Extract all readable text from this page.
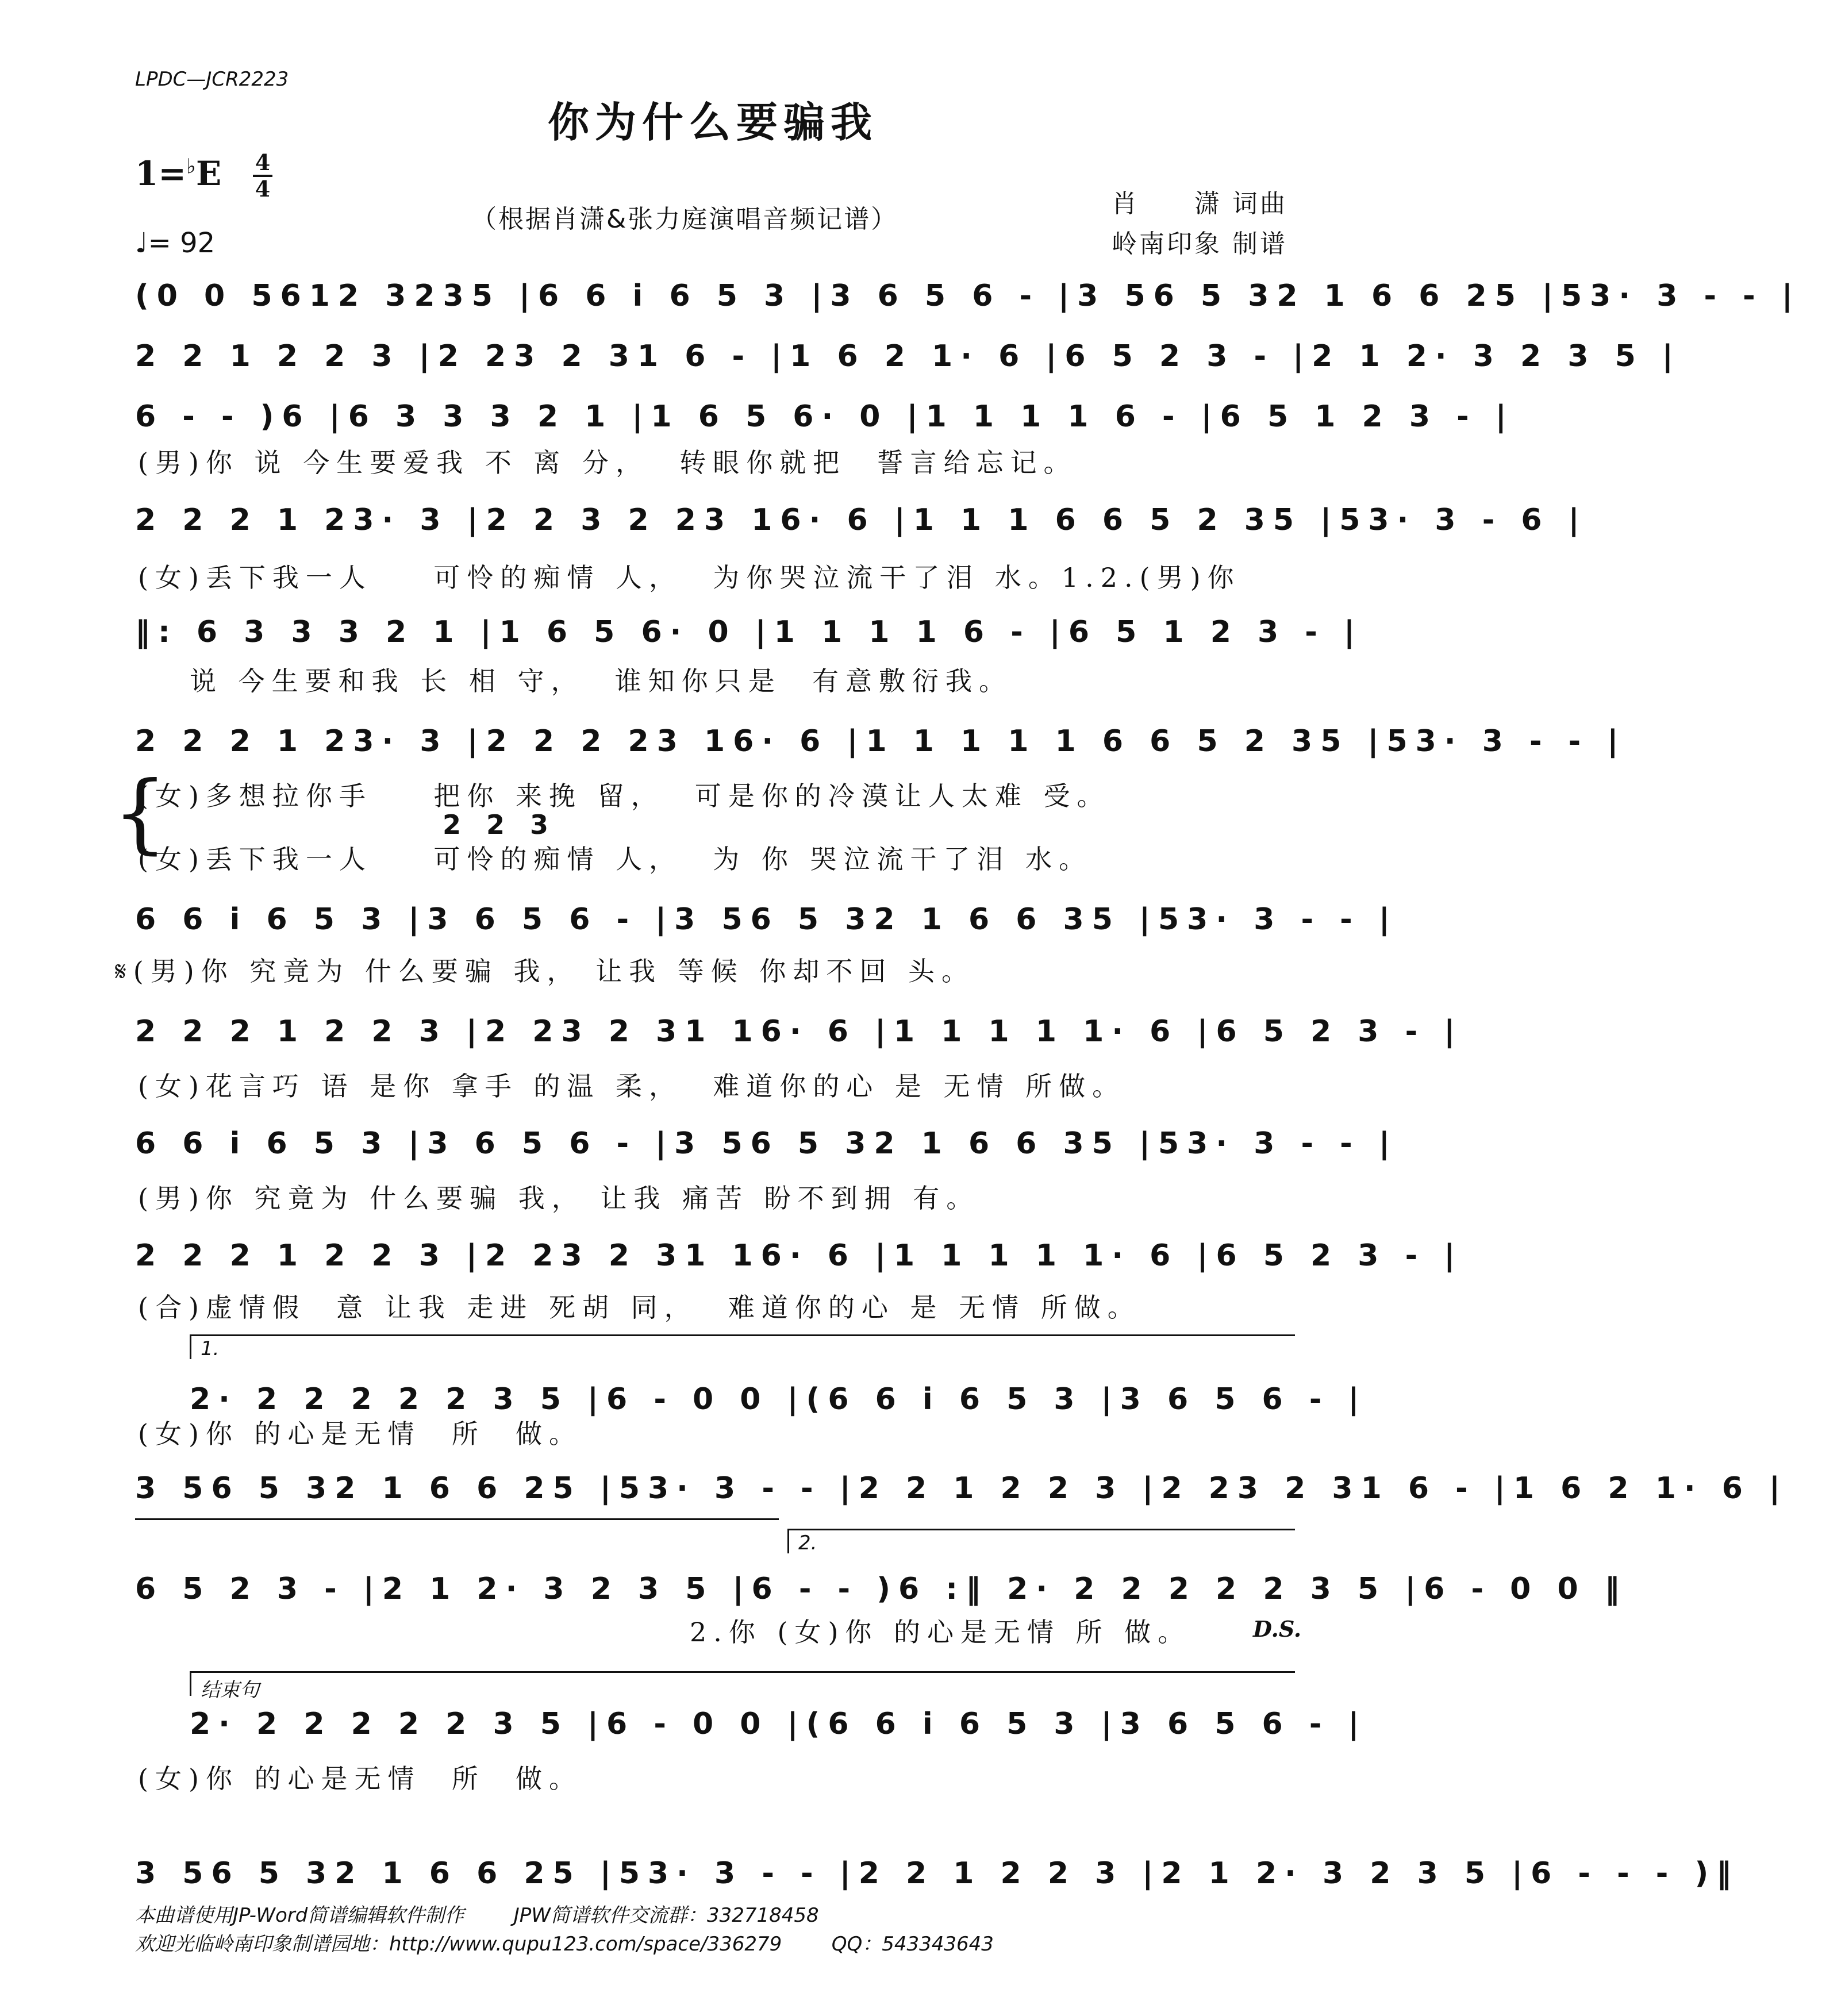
LPDC—JCR2223
你为什么要骗我
1=♭E 4
4
♩= 92
（根据肖潇&张力庭演唱音频记谱）
肖　　潇 词曲
岭南印象 制谱
(0 0 5612 3235 |6 6 i 6 5 3 |3 6 5 6 - |3 56 5 32 1 6 6 25 |53· 3 - - |
2 2 1 2 2 3 |2 23 2 31 6 - |1 6 2 1· 6 |6 5 2 3 - |2 1 2· 3 2 3 5 |
6 - - )6 |6 3 3 3 2 1 |1 6 5 6· 0 |1 1 1 1 6 - |6 5 1 2 3 - |
(男)你 说 今生要爱我 不 离 分，  转眼你就把  誓言给忘记。
2 2 2 1 23· 3 |2 2 3 2 23 16· 6 |1 1 1 6 6 5 2 35 |53· 3 - 6 |
(女)丢下我一人    可怜的痴情 人，  为你哭泣流干了泪 水。1.2.(男)你
‖: 6 3 3 3 2 1 |1 6 5 6· 0 |1 1 1 1 6 - |6 5 1 2 3 - |
说 今生要和我 长 相 守，  谁知你只是  有意敷衍我。
2 2 2 1 23· 3 |2 2 2 23 16· 6 |1 1 1 1 1 6 6 5 2 35 |53· 3 - - |
{
(女)多想拉你手    把你 来挽 留，  可是你的冷漠让人太难 受。
2 2 3
(女)丢下我一人    可怜的痴情 人，  为 你 哭泣流干了泪 水。
6 6 i 6 5 3 |3 6 5 6 - |3 56 5 32 1 6 6 35 |53· 3 - - |
𝄋(男)你 究竟为 什么要骗 我， 让我 等候 你却不回 头。
2 2 2 1 2 2 3 |2 23 2 31 16· 6 |1 1 1 1 1· 6 |6 5 2 3 - |
(女)花言巧 语 是你 拿手 的温 柔，  难道你的心 是 无情 所做。
6 6 i 6 5 3 |3 6 5 6 - |3 56 5 32 1 6 6 35 |53· 3 - - |
(男)你 究竟为 什么要骗 我， 让我 痛苦 盼不到拥 有。
2 2 2 1 2 2 3 |2 23 2 31 16· 6 |1 1 1 1 1· 6 |6 5 2 3 - |
(合)虚情假  意 让我 走进 死胡 同，  难道你的心 是 无情 所做。
1.
2· 2 2 2 2 2 3 5 |6 - 0 0 |(6 6 i 6 5 3 |3 6 5 6 - |
(女)你 的心是无情  所  做。
3 56 5 32 1 6 6 25 |53· 3 - - |2 2 1 2 2 3 |2 23 2 31 6 - |1 6 2 1· 6 |
2.
6 5 2 3 - |2 1 2· 3 2 3 5 |6 - - )6 :‖ 2· 2 2 2 2 2 3 5 |6 - 0 0 ‖
2.你 (女)你 的心是无情 所 做。	D.S.
结束句
2· 2 2 2 2 2 3 5 |6 - 0 0 |(6 6 i 6 5 3 |3 6 5 6 - |
(女)你 的心是无情  所  做。
3 56 5 32 1 6 6 25 |53· 3 - - |2 2 1 2 2 3 |2 1 2· 3 2 3 5 |6 - - - )‖
本曲谱使用JP-Word简谱编辑软件制作        JPW简谱软件交流群：332718458
欢迎光临岭南印象制谱园地：http://www.qupu123.com/space/336279        QQ：543343643
